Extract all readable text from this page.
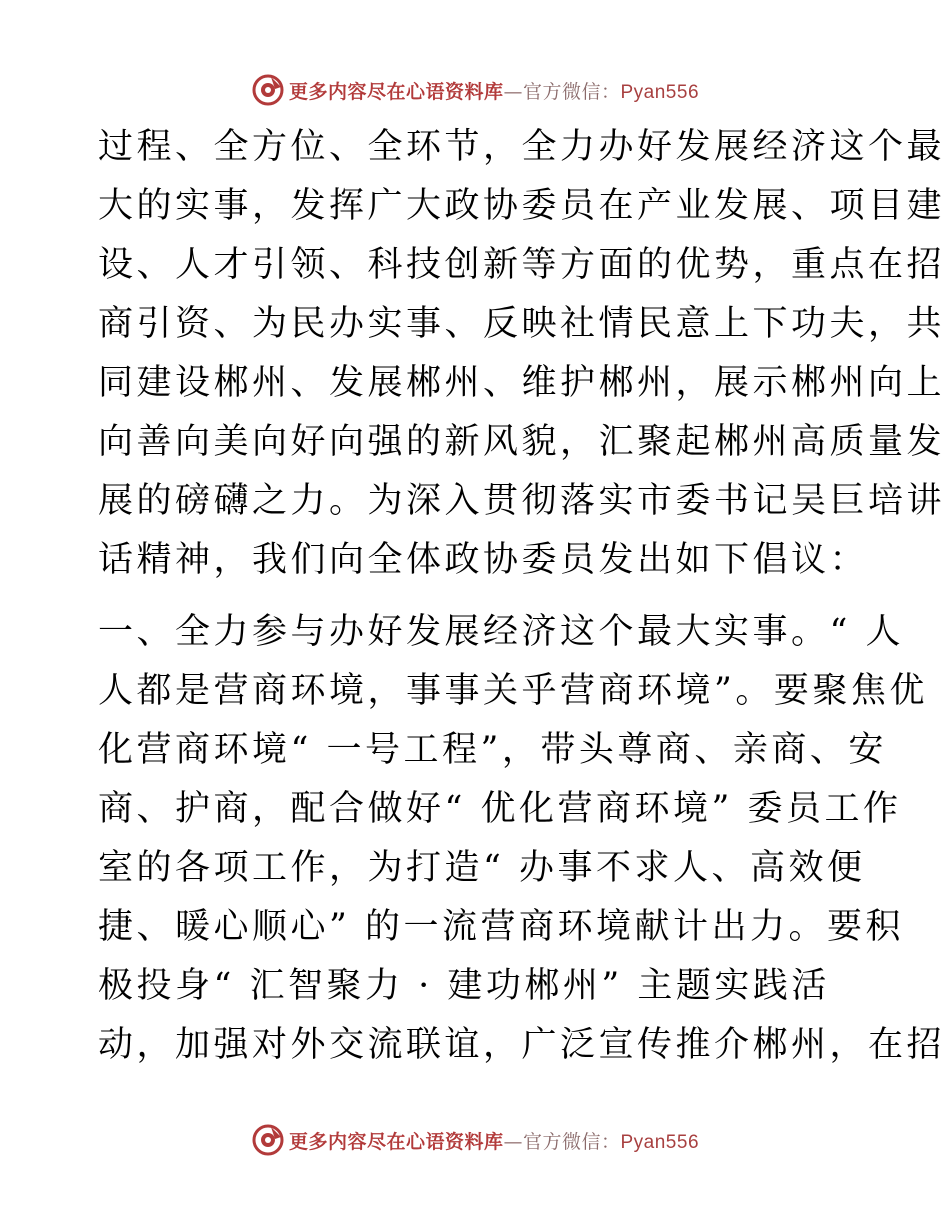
更多内容尽在心语资料库—官方微信：Pyan556
过程、全方位、全环节，全力办好发展经济这个最
大的实事，发挥广大政协委员在产业发展、项目建
设、人才引领、科技创新等方面的优势，重点在招
商引资、为民办实事、反映社情民意上下功夫，共
同建设郴州、发展郴州、维护郴州，展示郴州向上
向善向美向好向强的新风貌，汇聚起郴州高质量发
展的磅礴之力。为深入贯彻落实市委书记吴巨培讲
话精神，我们向全体政协委员发出如下倡议：
一、全力参与办好发展经济这个最大实事。“ 人
人都是营商环境，事事关乎营商环境”。要聚焦优
化营商环境“ 一号工程”，带头尊商、亲商、安
商、护商，配合做好“ 优化营商环境” 委员工作
室的各项工作，为打造“ 办事不求人、高效便
捷、暖心顺心” 的一流营商环境献计出力。要积
极投身“ 汇智聚力 · 建功郴州” 主题实践活
动，加强对外交流联谊，广泛宣传推介郴州，在招
更多内容尽在心语资料库—官方微信：Pyan556
